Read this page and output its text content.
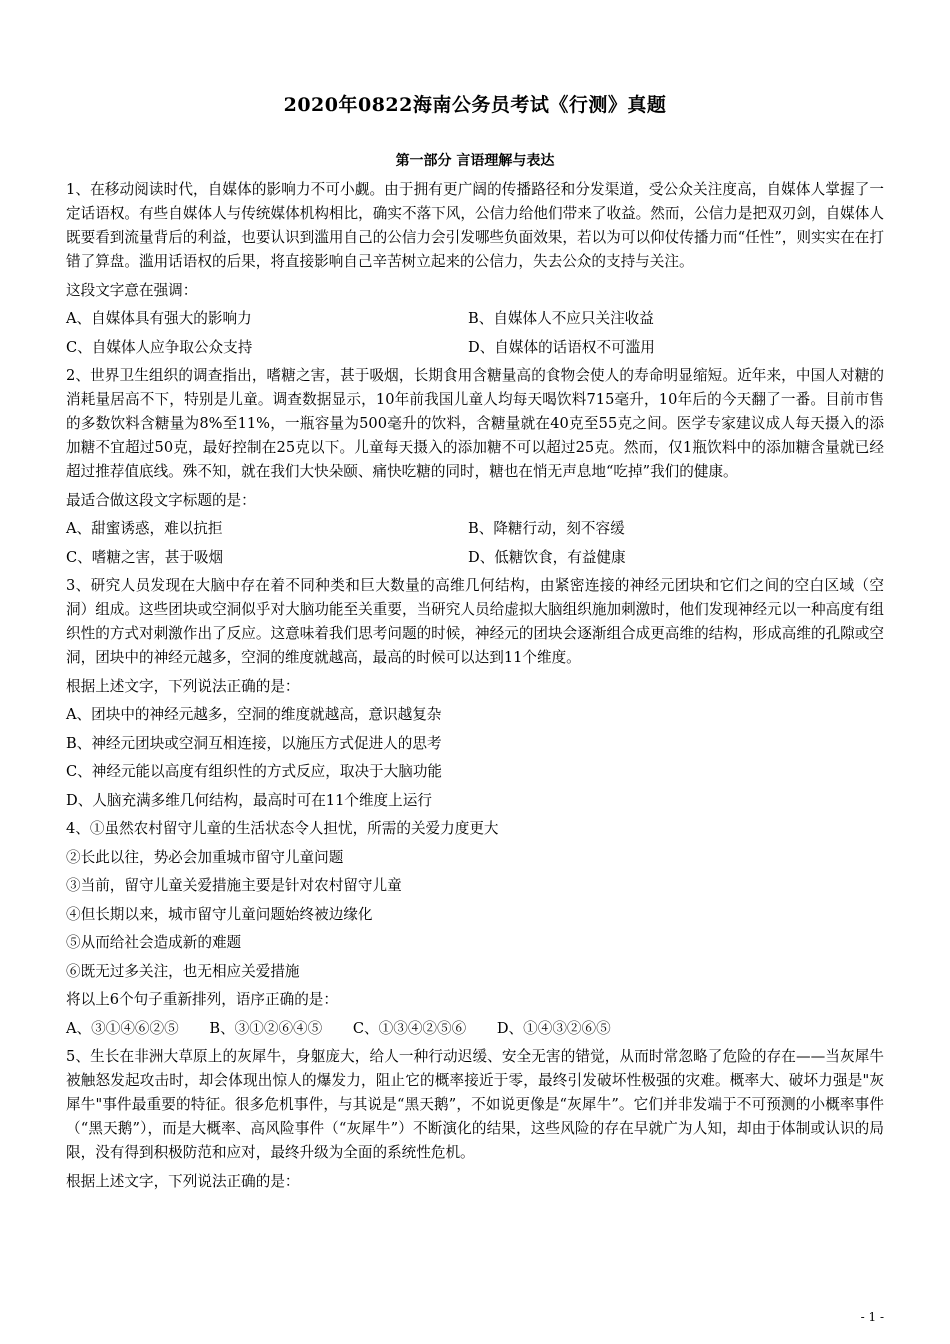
2020年0822海南公务员考试《行测》真题
第一部分 言语理解与表达

1、在移动阅读时代，自媒体的影响力不可小觑。由于拥有更广阔的传播路径和分发渠道，受公众关注度高，自媒体人掌握了一定话语权。有些自媒体人与传统媒体机构相比，确实不落下风，公信力给他们带来了收益。然而，公信力是把双刃剑，自媒体人既要看到流量背后的利益，也要认识到滥用自己的公信力会引发哪些负面效果，若以为可以仰仗传播力而“任性”，则实实在在打错了算盘。滥用话语权的后果，将直接影响自己辛苦树立起来的公信力，失去公众的支持与关注。

这段文字意在强调：
A、自媒体具有强大的影响力	B、自媒体人不应只关注收益
C、自媒体人应争取公众支持	D、自媒体的话语权不可滥用

2、世界卫生组织的调查指出，嗜糖之害，甚于吸烟，长期食用含糖量高的食物会使人的寿命明显缩短。近年来，中国人对糖的消耗量居高不下，特别是儿童。调查数据显示，10年前我国儿童人均每天喝饮料715毫升，10年后的今天翻了一番。目前市售的多数饮料含糖量为8%至11%，一瓶容量为500毫升的饮料，含糖量就在40克至55克之间。医学专家建议成人每天摄入的添加糖不宜超过50克，最好控制在25克以下。儿童每天摄入的添加糖不可以超过25克。然而，仅1瓶饮料中的添加糖含量就已经超过推荐值底线。殊不知，就在我们大快朵颐、痛快吃糖的同时，糖也在悄无声息地“吃掉”我们的健康。

最适合做这段文字标题的是：
A、甜蜜诱惑，难以抗拒	B、降糖行动，刻不容缓
C、嗜糖之害，甚于吸烟	D、低糖饮食，有益健康

3、研究人员发现在大脑中存在着不同种类和巨大数量的高维几何结构，由紧密连接的神经元团块和它们之间的空白区域（空洞）组成。这些团块或空洞似乎对大脑功能至关重要，当研究人员给虚拟大脑组织施加刺激时，他们发现神经元以一种高度有组织性的方式对刺激作出了反应。这意味着我们思考问题的时候，神经元的团块会逐渐组合成更高维的结构，形成高维的孔隙或空洞，团块中的神经元越多，空洞的维度就越高，最高的时候可以达到11个维度。

根据上述文字，下列说法正确的是：
A、团块中的神经元越多，空洞的维度就越高，意识越复杂
B、神经元团块或空洞互相连接，以施压方式促进人的思考
C、神经元能以高度有组织性的方式反应，取决于大脑功能
D、人脑充满多维几何结构，最高时可在11个维度上运行
4、①虽然农村留守儿童的生活状态令人担忧，所需的关爱力度更大
②长此以往，势必会加重城市留守儿童问题
③当前，留守儿童关爱措施主要是针对农村留守儿童
④但长期以来，城市留守儿童问题始终被边缘化
⑤从而给社会造成新的难题
⑥既无过多关注，也无相应关爱措施
将以上6个句子重新排列，语序正确的是：
A、③①④⑥②⑤ B、③①②⑥④⑤ C、①③④②⑤⑥ D、①④③②⑥⑤

5、生长在非洲大草原上的灰犀牛，身躯庞大，给人一种行动迟缓、安全无害的错觉，从而时常忽略了危险的存在——当灰犀牛被触怒发起攻击时，却会体现出惊人的爆发力，阻止它的概率接近于零，最终引发破坏性极强的灾难。概率大、破坏力强是"灰犀牛"事件最重要的特征。很多危机事件，与其说是“黑天鹅”，不如说更像是“灰犀牛”。它们并非发端于不可预测的小概率事件（“黑天鹅”），而是大概率、高风险事件（“灰犀牛”）不断演化的结果，这些风险的存在早就广为人知，却由于体制或认识的局限，没有得到积极防范和应对，最终升级为全面的系统性危机。

根据上述文字，下列说法正确的是：
- 1 -
